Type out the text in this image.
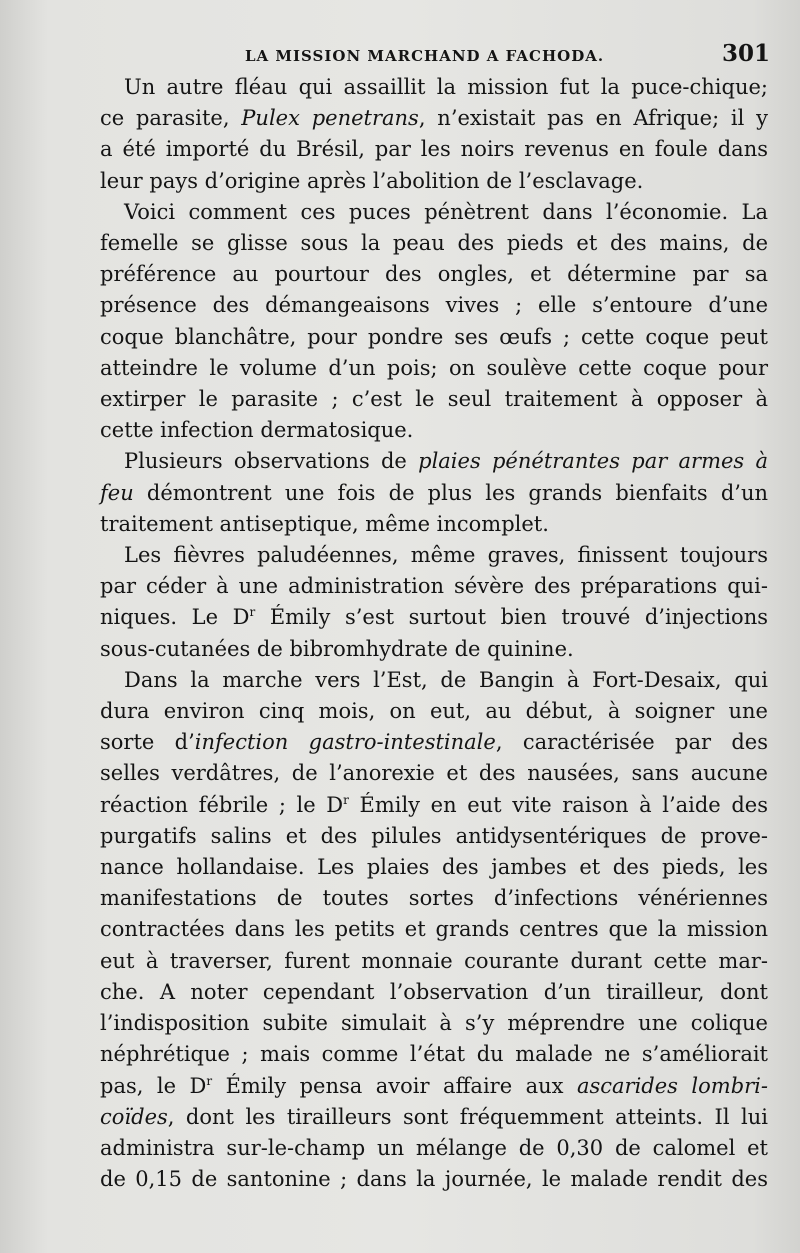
LA MISSION MARCHAND A FACHODA.	301
Un autre fléau qui assaillit la mission fut la puce-chique;
ce parasite, Pulex penetrans, n’existait pas en Afrique; il y
a été importé du Brésil, par les noirs revenus en foule dans
leur pays d’origine après l’abolition de l’esclavage.
Voici comment ces puces pénètrent dans l’économie. La
femelle se glisse sous la peau des pieds et des mains, de
préférence au pourtour des ongles, et détermine par sa
présence des démangeaisons vives ; elle s’entoure d’une
coque blanchâtre, pour pondre ses œufs ; cette coque peut
atteindre le volume d’un pois; on soulève cette coque pour
extirper le parasite ; c’est le seul traitement à opposer à
cette infection dermatosique.
Plusieurs observations de plaies pénétrantes par armes à
feu démontrent une fois de plus les grands bienfaits d’un
traitement antiseptique, même incomplet.
Les fièvres paludéennes, même graves, finissent toujours
par céder à une administration sévère des préparations qui-
niques. Le $D^r$ Émily s’est surtout bien trouvé d’injections
sous-cutanées de bibromhydrate de quinine.
Dans la marche vers l’Est, de Bangin à Fort-Desaix, qui
dura environ cinq mois, on eut, au début, à soigner une
sorte d’infection gastro-intestinale, caractérisée par des
selles verdâtres, de l’anorexie et des nausées, sans aucune
réaction fébrile ; le $D^r$ Émily en eut vite raison à l’aide des
purgatifs salins et des pilules antidysentériques de prove-
nance hollandaise. Les plaies des jambes et des pieds, les
manifestations de toutes sortes d’infections vénériennes
contractées dans les petits et grands centres que la mission
eut à traverser, furent monnaie courante durant cette mar-
che. A noter cependant l’observation d’un tirailleur, dont
l’indisposition subite simulait à s’y méprendre une colique
néphrétique ; mais comme l’état du malade ne s’améliorait
pas, le $D^r$ Émily pensa avoir affaire aux ascarides lombri-
coïdes, dont les tirailleurs sont fréquemment atteints. Il lui
administra sur-le-champ un mélange de 0,30 de calomel et
de 0,15 de santonine ; dans la journée, le malade rendit des
